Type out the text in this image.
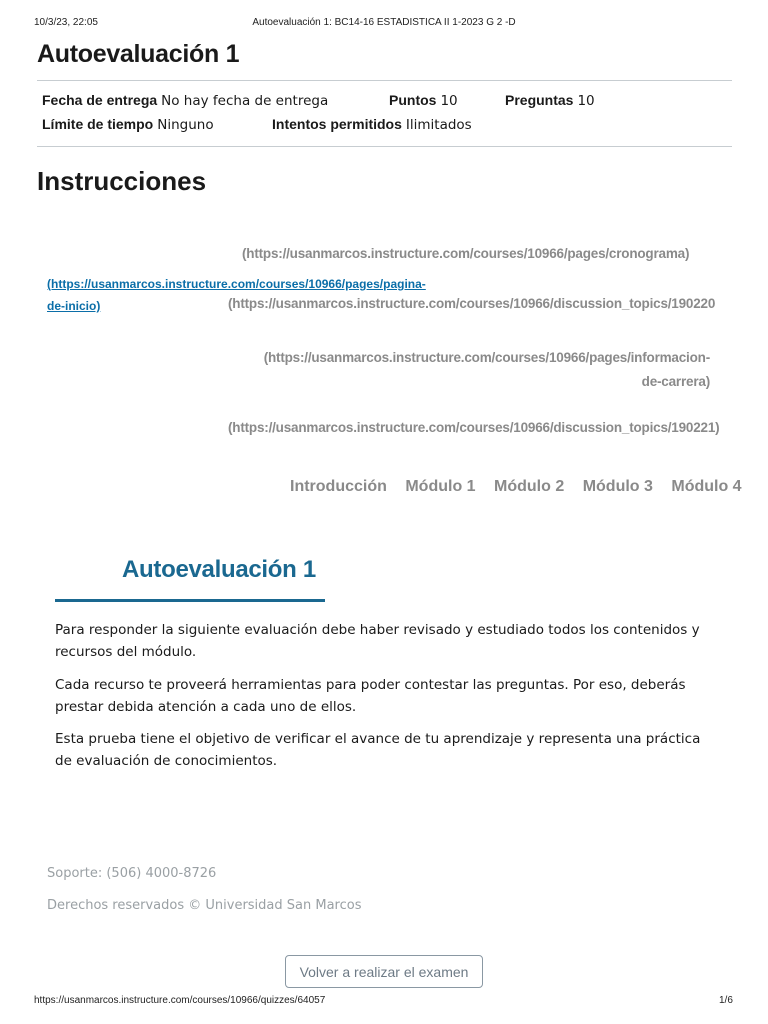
10/3/23, 22:05	Autoevaluación 1: BC14-16 ESTADISTICA II 1-2023 G 2 -D
Autoevaluación 1
Fecha de entrega No hay fecha de entrega	Puntos 10	Preguntas 10
Límite de tiempo Ninguno	Intentos permitidos Ilimitados
Instrucciones
(https://usanmarcos.instructure.com/courses/10966/pages/cronograma)
(https://usanmarcos.instructure.com/courses/10966/pages/pagina-
de-inicio)	(https://usanmarcos.instructure.com/courses/10966/discussion_topics/190220
(https://usanmarcos.instructure.com/courses/10966/pages/informacion-
de-carrera)
(https://usanmarcos.instructure.com/courses/10966/discussion_topics/190221)
Introducción Módulo 1 Módulo 2 Módulo 3 Módulo 4
Autoevaluación 1
Para responder la siguiente evaluación debe haber revisado y estudiado todos los contenidos y recursos del módulo.
Cada recurso te proveerá herramientas para poder contestar las preguntas. Por eso, deberás prestar debida atención a cada uno de ellos.
Esta prueba tiene el objetivo de verificar el avance de tu aprendizaje y representa una práctica de evaluación de conocimientos.
Soporte: (506) 4000-8726
Derechos reservados © Universidad San Marcos
Volver a realizar el examen
https://usanmarcos.instructure.com/courses/10966/quizzes/64057	1/6
